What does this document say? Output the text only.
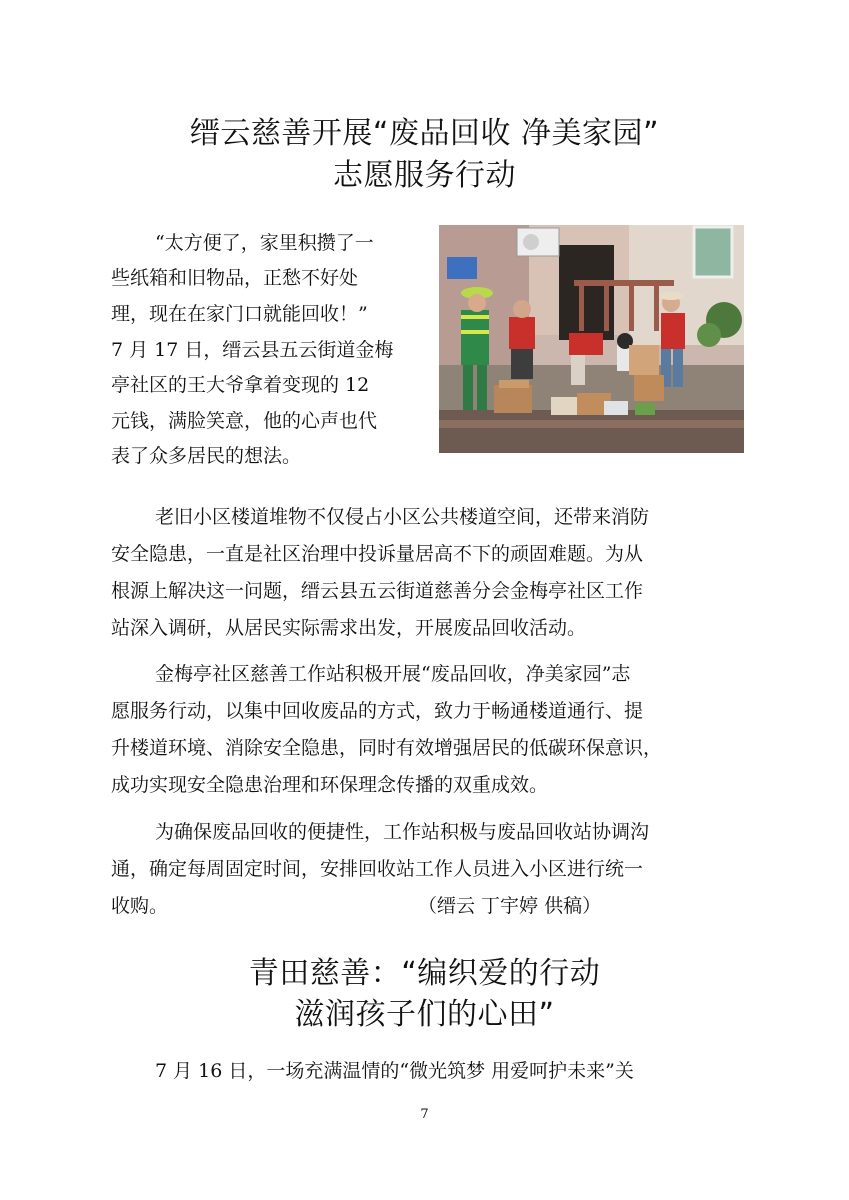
缙云慈善开展“废品回收 净美家园”
志愿服务行动

“太方便了，家里积攒了一

些纸箱和旧物品，正愁不好处

理，现在在家门口就能回收！”

7 月 17 日，缙云县五云街道金梅

亭社区的王大爷拿着变现的 12

元钱，满脸笑意，他的心声也代

表了众多居民的想法。

老旧小区楼道堆物不仅侵占小区公共楼道空间，还带来消防

安全隐患，一直是社区治理中投诉量居高不下的顽固难题。为从

根源上解决这一问题，缙云县五云街道慈善分会金梅亭社区工作

站深入调研，从居民实际需求出发，开展废品回收活动。

金梅亭社区慈善工作站积极开展“废品回收，净美家园”志

愿服务行动，以集中回收废品的方式，致力于畅通楼道通行、提

升楼道环境、消除安全隐患，同时有效增强居民的低碳环保意识，

成功实现安全隐患治理和环保理念传播的双重成效。

为确保废品回收的便捷性，工作站积极与废品回收站协调沟

通，确定每周固定时间，安排回收站工作人员进入小区进行统一

收购。	（缙云 丁宇婷 供稿）

青田慈善：“编织爱的行动
滋润孩子们的心田”

7 月 16 日，一场充满温情的“微光筑梦 用爱呵护未来”关

7
